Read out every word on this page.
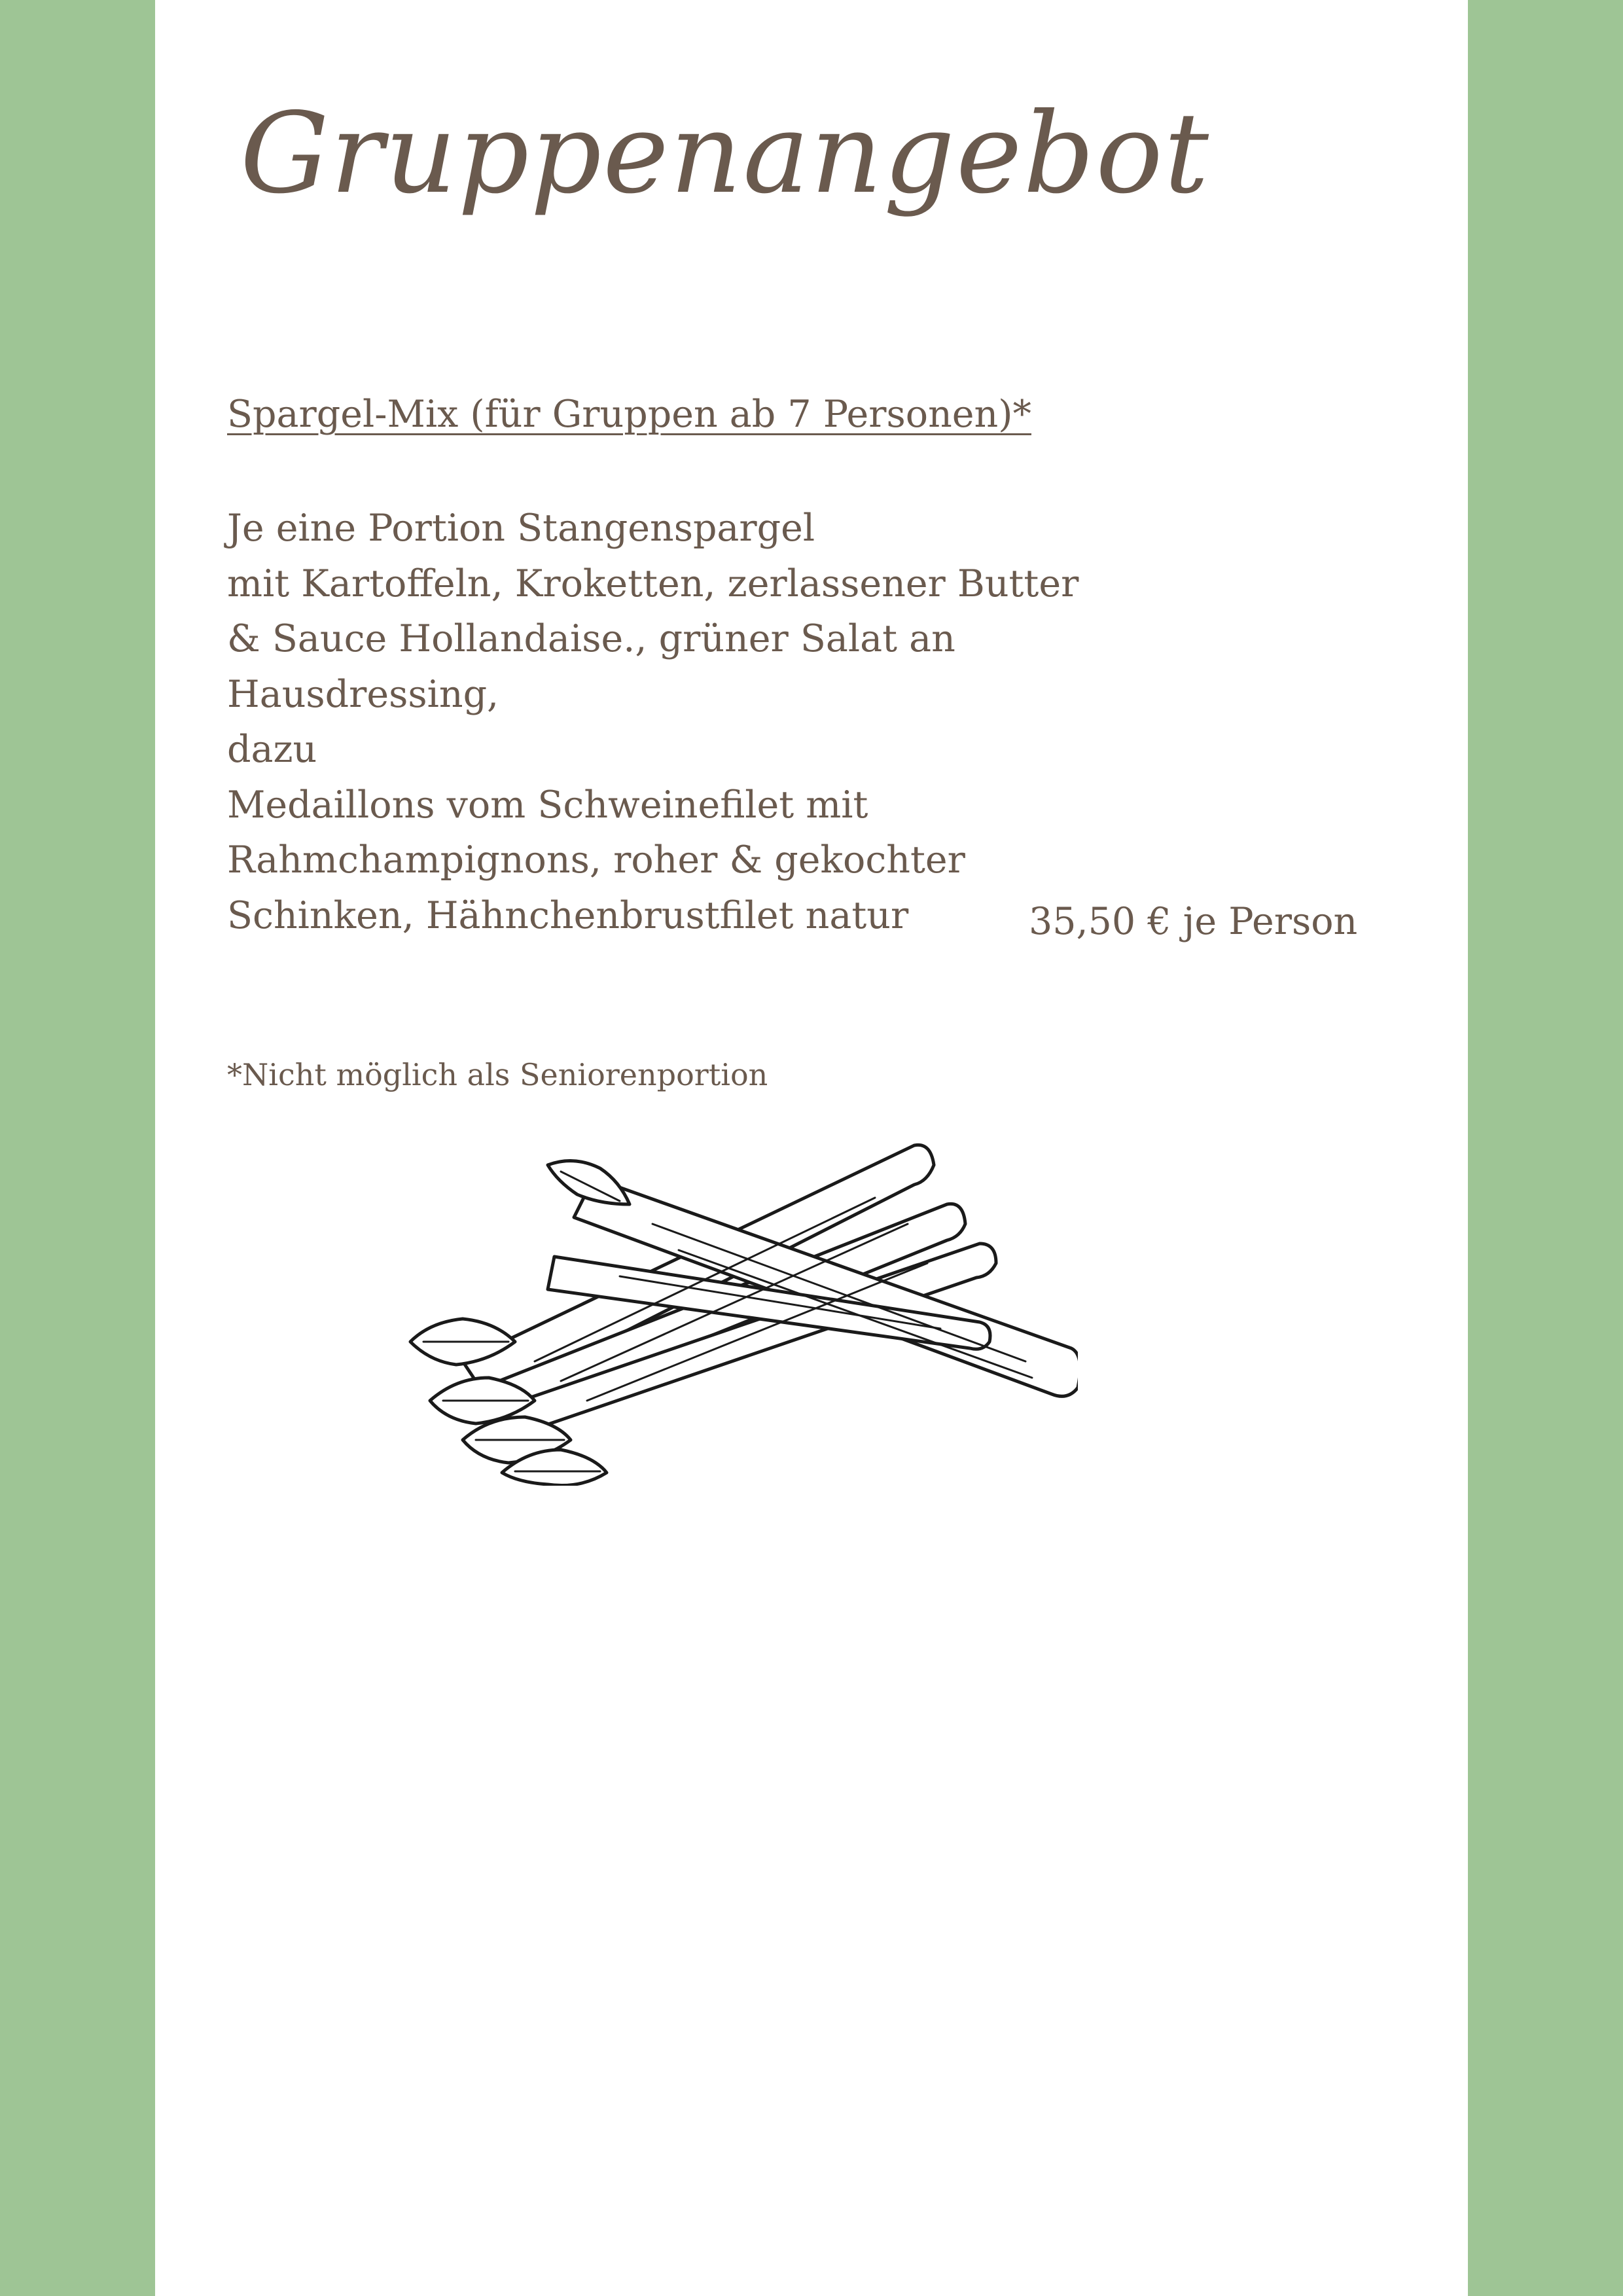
Gruppenangebot
Spargel-Mix (für Gruppen ab 7 Personen)*
Je eine Portion Stangenspargel
mit Kartoffeln, Kroketten, zerlassener Butter
& Sauce Hollandaise., grüner Salat an
Hausdressing,
dazu
Medaillons vom Schweinefilet mit
Rahmchampignons, roher & gekochter
Schinken, Hähnchenbrustfilet natur	35,50 € je Person
*Nicht möglich als Seniorenportion
